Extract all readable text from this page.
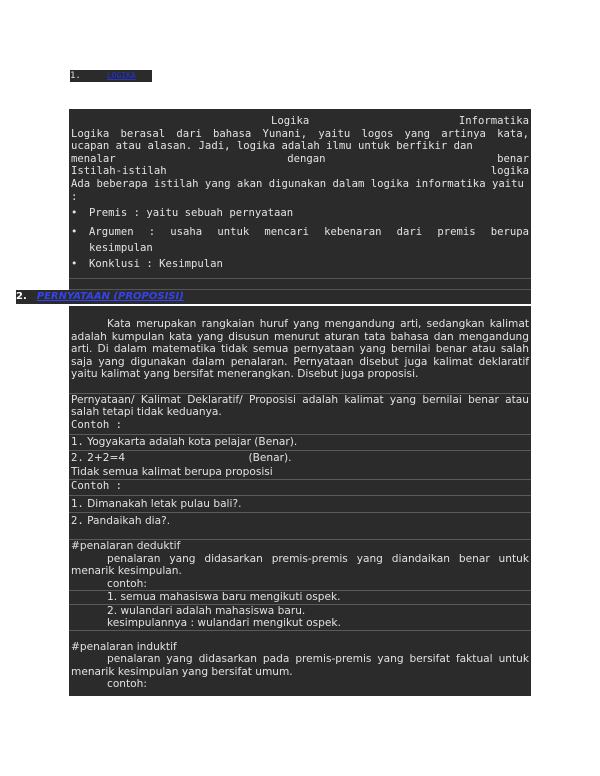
1.	LOGIKA
Logika	Informatika
Logika berasal dari bahasa Yunani, yaitu logos yang artinya kata, ucapan atau alasan. Jadi, logika adalah ilmu untuk berfikir dan
menalar	dengan	benar
Istilah-istilah	logika
Ada beberapa istilah yang akan digunakan dalam logika informatika yaitu :
•	Premis : yaitu sebuah pernyataan
•	Argumen : usaha untuk mencari kebenaran dari premis berupa kesimpulan
•	Konklusi : Kesimpulan
2. PERNYATAAN (PROPOSISI)
Kata merupakan rangkaian huruf yang mengandung arti, sedangkan kalimat adalah kumpulan kata yang disusun menurut aturan tata bahasa dan mengandung arti. Di dalam matematika tidak semua pernyataan yang bernilai benar atau salah saja yang digunakan dalam penalaran. Pernyataan disebut juga kalimat deklaratif yaitu kalimat yang bersifat menerangkan. Disebut juga proposisi.
Pernyataan/ Kalimat Deklaratif/ Proposisi adalah kalimat yang bernilai benar atau salah tetapi tidak keduanya.
Contoh :
1. Yogyakarta adalah kota pelajar (Benar).
2. 2+2=4	(Benar).
Tidak semua kalimat berupa proposisi
Contoh :
1. Dimanakah letak pulau bali?.
2. Pandaikah dia?.
#penalaran deduktif
penalaran yang didasarkan premis-premis yang diandaikan benar untuk menarik kesimpulan.
contoh:
1. semua mahasiswa baru mengikuti ospek.
2. wulandari adalah mahasiswa baru.
kesimpulannya : wulandari mengikut ospek.
#penalaran induktif
penalaran yang didasarkan pada premis-premis yang bersifat faktual untuk menarik kesimpulan yang bersifat umum.
contoh:
